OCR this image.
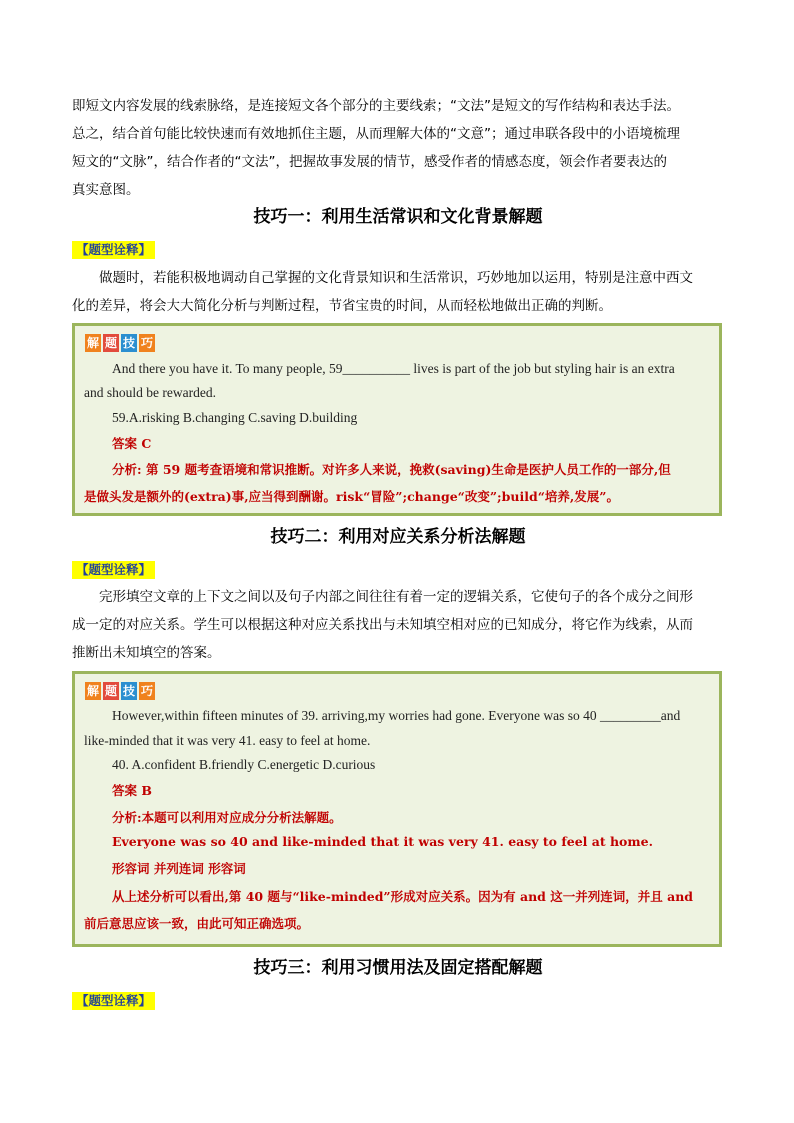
即短文内容发展的线索脉络，是连接短文各个部分的主要线索；“文法”是短文的写作结构和表达手法。
总之，结合首句能比较快速而有效地抓住主题，从而理解大体的“文意”；通过串联各段中的小语境梳理
短文的“文脉”，结合作者的“文法”，把握故事发展的情节，感受作者的情感态度，领会作者要表达的
真实意图。
技巧一：利用生活常识和文化背景解题
【题型诠释】
做题时，若能积极地调动自己掌握的文化背景知识和生活常识，巧妙地加以运用，特别是注意中西文
化的差异，将会大大简化分析与判断过程，节省宝贵的时间，从而轻松地做出正确的判断。
解 题 技 巧
And there you have it. To many people, 59__________ lives is part of the job but styling hair is an extra
and should be rewarded.
59.A.risking B.changing C.saving D.building
答案 C
分析: 第 59 题考查语境和常识推断。对许多人来说，挽救(saving)生命是医护人员工作的一部分,但
是做头发是额外的(extra)事,应当得到酬谢。risk“冒险”;change“改变”;build“培养,发展”。
技巧二：利用对应关系分析法解题
【题型诠释】
完形填空文章的上下文之间以及句子内部之间往往有着一定的逻辑关系，它使句子的各个成分之间形
成一定的对应关系。学生可以根据这种对应关系找出与未知填空相对应的已知成分，将它作为线索，从而
推断出未知填空的答案。
解 题 技 巧
However,within fifteen minutes of 39. arriving,my worries had gone. Everyone was so 40 _________and
like-minded that it was very 41. easy to feel at home.
40. A.confident B.friendly C.energetic D.curious
答案 B
分析:本题可以利用对应成分分析法解题。
Everyone was so 40 and like-minded that it was very 41. easy to feel at home.
形容词 并列连词 形容词
从上述分析可以看出,第 40 题与“like-minded”形成对应关系。因为有 and 这一并列连词，并且 and
前后意思应该一致，由此可知正确选项。
技巧三：利用习惯用法及固定搭配解题
【题型诠释】
